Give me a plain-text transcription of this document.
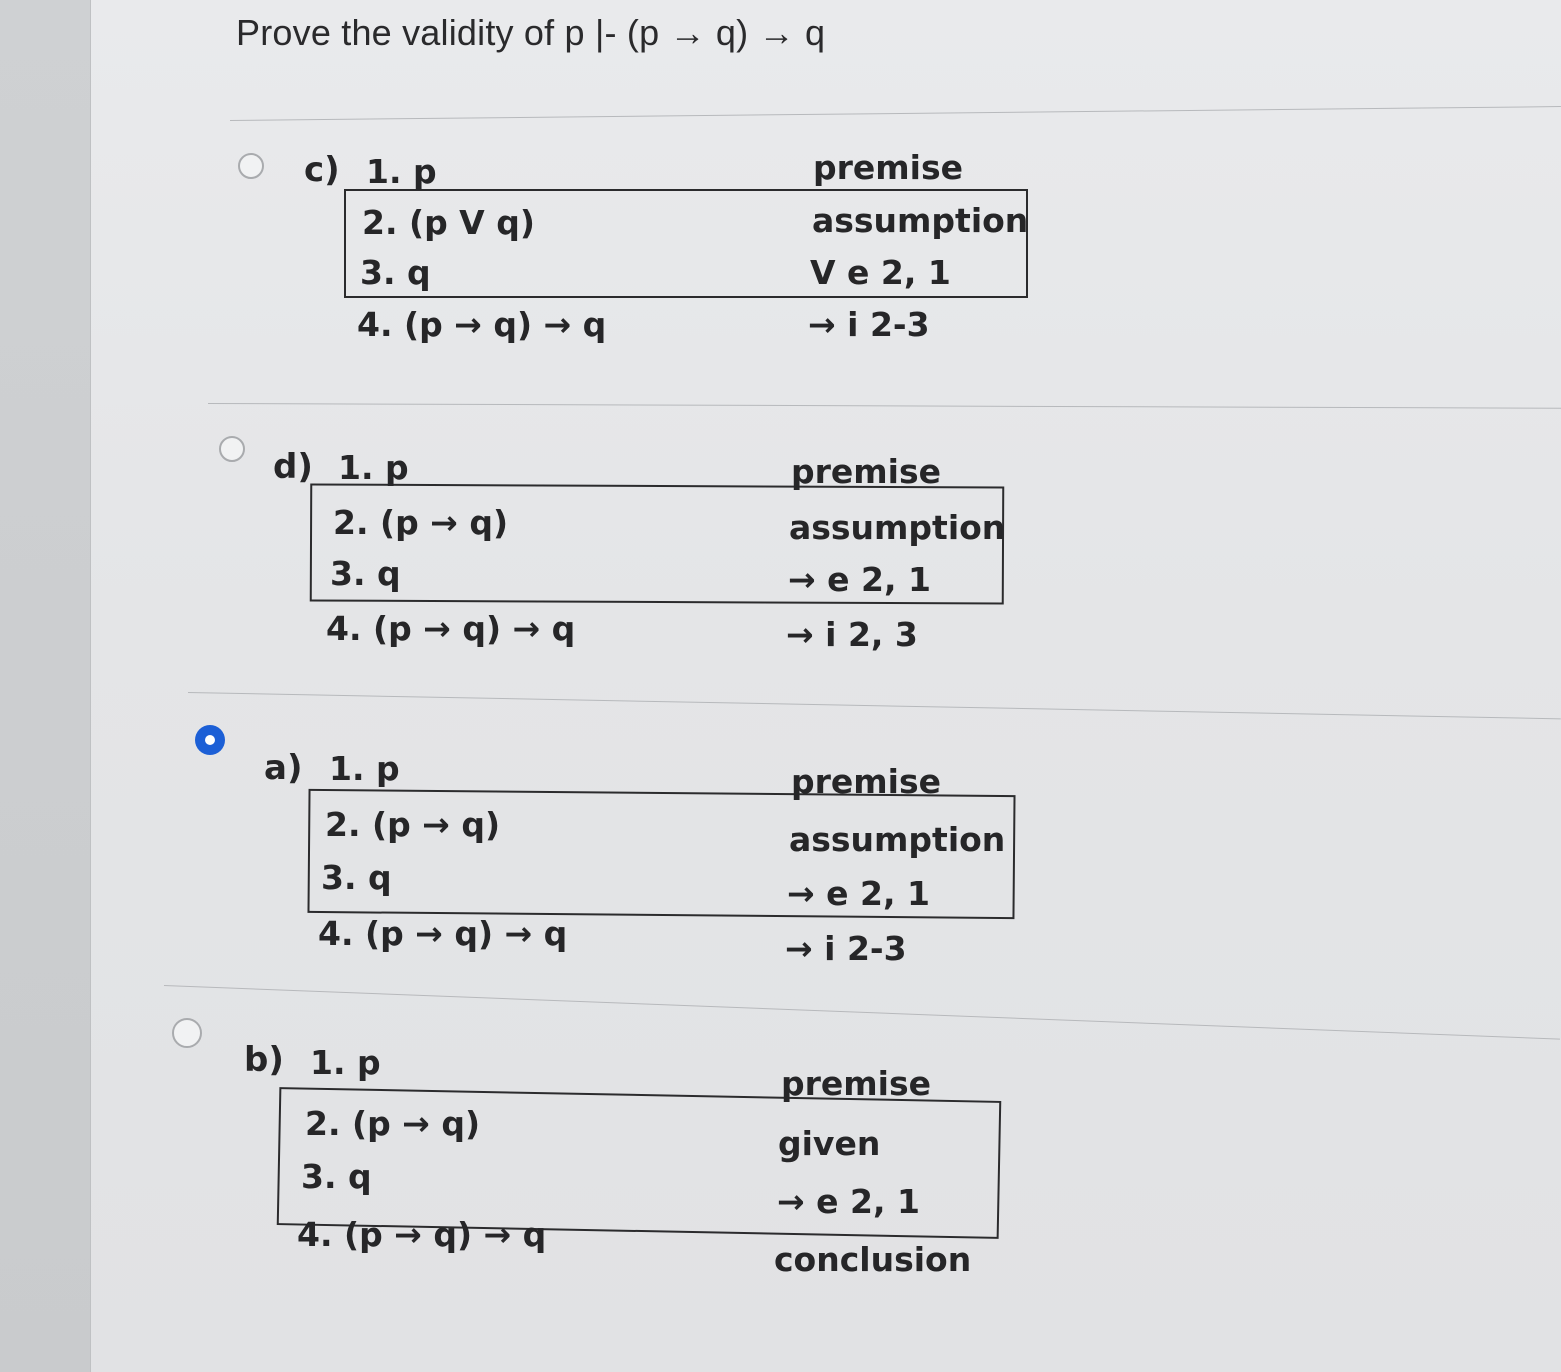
Prove the validity of p |- (p → q) → q
c) 1. p
2. (p V q)
3. q
4. (p → q) → q
premise
assumption
V e 2, 1
→ i 2-3
d) 1. p
2. (p → q)
3. q
4. (p → q) → q
premise
assumption
→ e 2, 1
→ i 2, 3
a) 1. p
2. (p → q)
3. q
4. (p → q) → q
premise
assumption
→ e 2, 1
→ i 2-3
b) 1. p
2. (p → q)
3. q
4. (p → q) → q
premise
given
→ e 2, 1
conclusion
